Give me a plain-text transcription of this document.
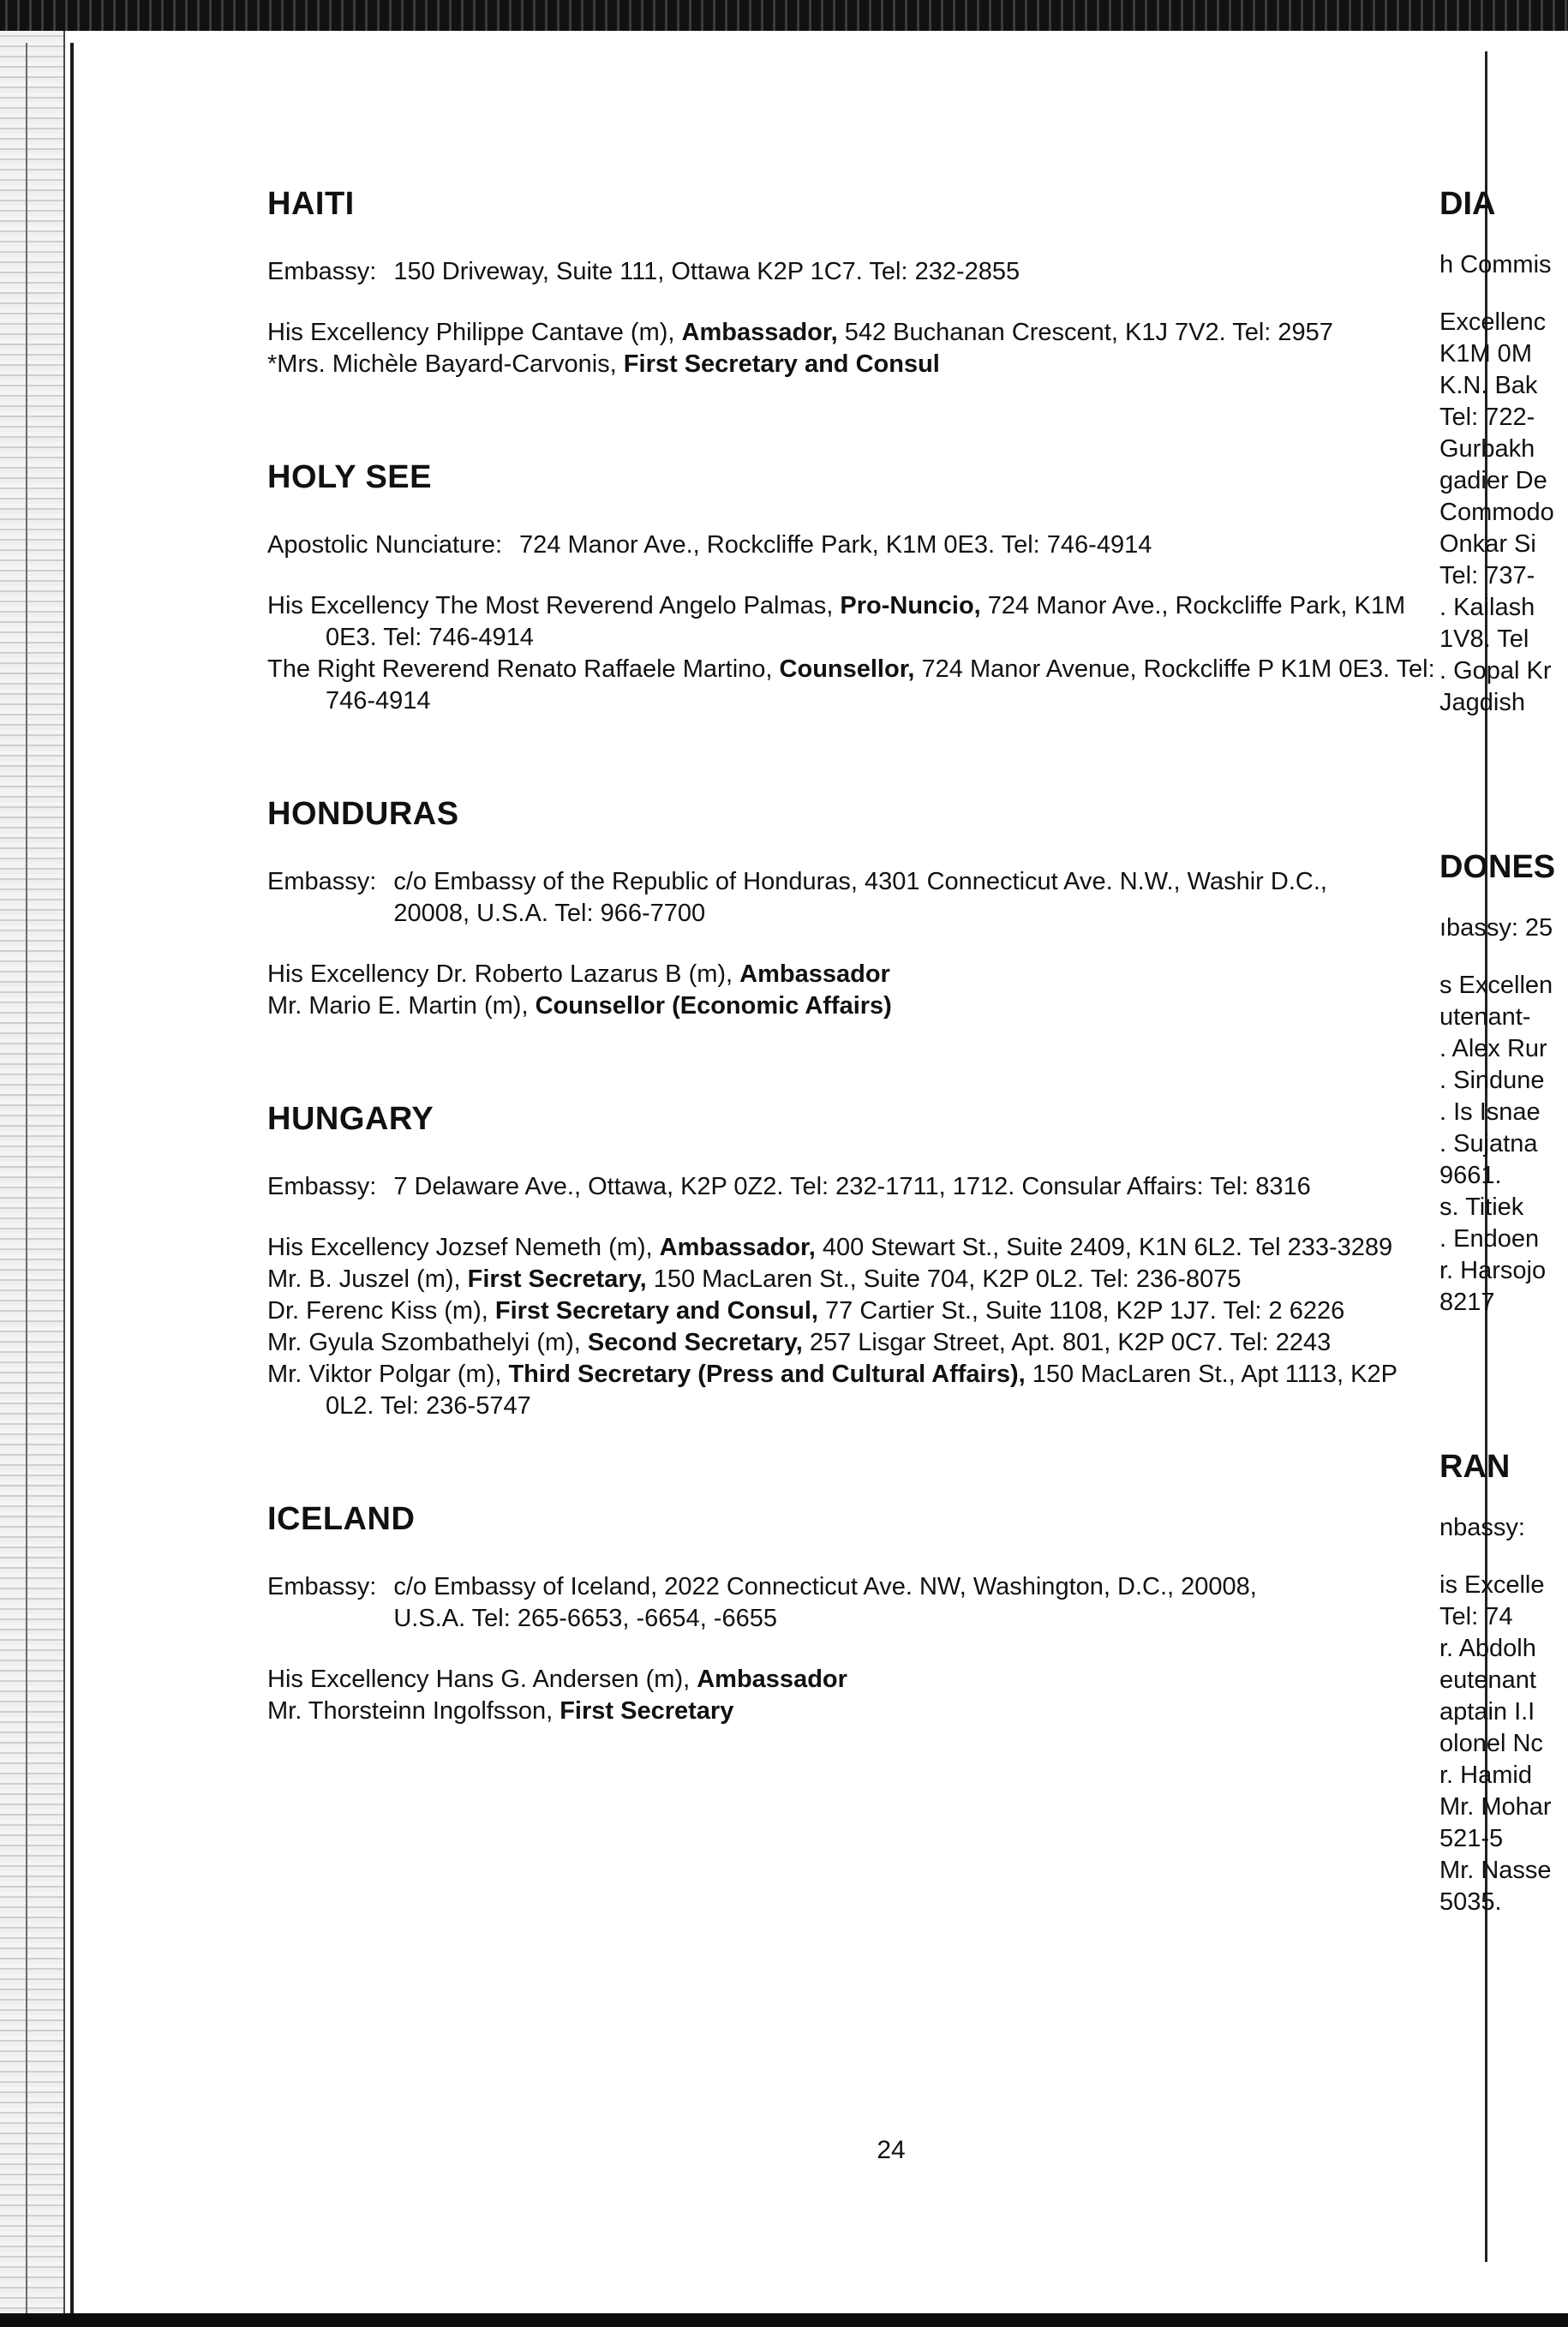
HAITI
Embassy: 150 Driveway, Suite 111, Ottawa K2P 1C7. Tel: 232-2855
His Excellency Philippe Cantave (m), Ambassador, 542 Buchanan Crescent, K1J 7V2. Tel: 2957
*Mrs. Michèle Bayard-Carvonis, First Secretary and Consul
HOLY SEE
Apostolic Nunciature: 724 Manor Ave., Rockcliffe Park, K1M 0E3. Tel: 746-4914
His Excellency The Most Reverend Angelo Palmas, Pro-Nuncio, 724 Manor Ave., Rockcliffe Park, K1M 0E3. Tel: 746-4914
The Right Reverend Renato Raffaele Martino, Counsellor, 724 Manor Avenue, Rockcliffe P K1M 0E3. Tel: 746-4914
HONDURAS
Embassy: c/o Embassy of the Republic of Honduras, 4301 Connecticut Ave. N.W., Washir D.C., 20008, U.S.A. Tel: 966-7700
His Excellency Dr. Roberto Lazarus B (m), Ambassador
Mr. Mario E. Martin (m), Counsellor (Economic Affairs)
HUNGARY
Embassy: 7 Delaware Ave., Ottawa, K2P 0Z2. Tel: 232-1711, 1712. Consular Affairs: Tel: 8316
His Excellency Jozsef Nemeth (m), Ambassador, 400 Stewart St., Suite 2409, K1N 6L2. Tel 233-3289
Mr. B. Juszel (m), First Secretary, 150 MacLaren St., Suite 704, K2P 0L2. Tel: 236-8075
Dr. Ferenc Kiss (m), First Secretary and Consul, 77 Cartier St., Suite 1108, K2P 1J7. Tel: 2 6226
Mr. Gyula Szombathelyi (m), Second Secretary, 257 Lisgar Street, Apt. 801, K2P 0C7. Tel: 2243
Mr. Viktor Polgar (m), Third Secretary (Press and Cultural Affairs), 150 MacLaren St., Apt 1113, K2P 0L2. Tel: 236-5747
ICELAND
Embassy: c/o Embassy of Iceland, 2022 Connecticut Ave. NW, Washington, D.C., 20008, U.S.A. Tel: 265-6653, -6654, -6655
His Excellency Hans G. Andersen (m), Ambassador
Mr. Thorsteinn Ingolfsson, First Secretary
DIA
h Commis
Excellenc
K1M 0M
K.N. Bak
Tel: 722-
Gurbakh
gadier De
Commodo
Onkar Si
Tel: 737-
. Kailash
1V8. Tel
. Gopal Kr
Jagdish
DONES
ıbassy: 25
s Excellen
utenant-
. Alex Rur
. Sindune
. Is Isnae
. Sujatna
9661.
s. Titiek
. Endoen
r. Harsojo
8217
RAN
nbassy:
is Excelle
Tel: 74
r. Abdolh
eutenant
aptain I.I
olonel Nc
r. Hamid
Mr. Mohar
521-5
Mr. Nasse
5035.
24
